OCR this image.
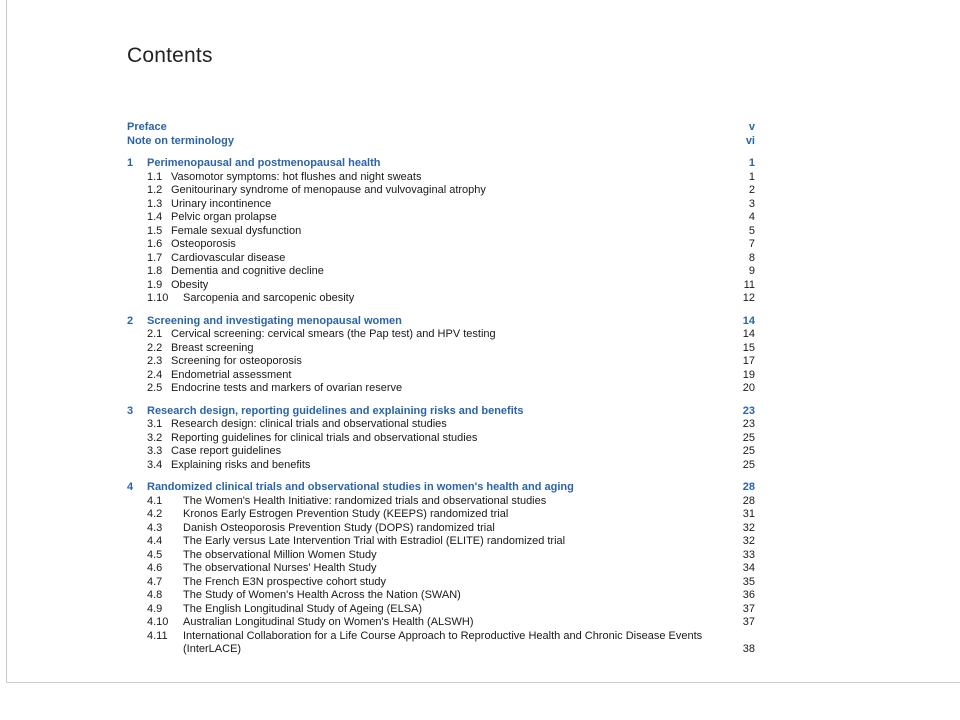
Contents
Preface	v
Note on terminology	vi
1	Perimenopausal and postmenopausal health	1
1.1 Vasomotor symptoms: hot flushes and night sweats	1
1.2 Genitourinary syndrome of menopause and vulvovaginal atrophy	2
1.3 Urinary incontinence	3
1.4 Pelvic organ prolapse	4
1.5 Female sexual dysfunction	5
1.6 Osteoporosis	7
1.7 Cardiovascular disease	8
1.8 Dementia and cognitive decline	9
1.9 Obesity	11
1.10	Sarcopenia and sarcopenic obesity	12
2	Screening and investigating menopausal women	14
2.1 Cervical screening: cervical smears (the Pap test) and HPV testing	14
2.2 Breast screening	15
2.3 Screening for osteoporosis	17
2.4 Endometrial assessment	19
2.5 Endocrine tests and markers of ovarian reserve	20
3	Research design, reporting guidelines and explaining risks and benefits	23
3.1 Research design: clinical trials and observational studies	23
3.2 Reporting guidelines for clinical trials and observational studies	25
3.3 Case report guidelines	25
3.4 Explaining risks and benefits	25
4	Randomized clinical trials and observational studies in women's health and aging	28
4.1	The Women's Health Initiative: randomized trials and observational studies	28
4.2	Kronos Early Estrogen Prevention Study (KEEPS) randomized trial	31
4.3	Danish Osteoporosis Prevention Study (DOPS) randomized trial	32
4.4	The Early versus Late Intervention Trial with Estradiol (ELITE) randomized trial	32
4.5	The observational Million Women Study	33
4.6	The observational Nurses' Health Study	34
4.7	The French E3N prospective cohort study	35
4.8	The Study of Women's Health Across the Nation (SWAN)	36
4.9	The English Longitudinal Study of Ageing (ELSA)	37
4.10	Australian Longitudinal Study on Women's Health (ALSWH)	37
4.11	International Collaboration for a Life Course Approach to Reproductive Health and Chronic Disease Events (InterLACE)	38
